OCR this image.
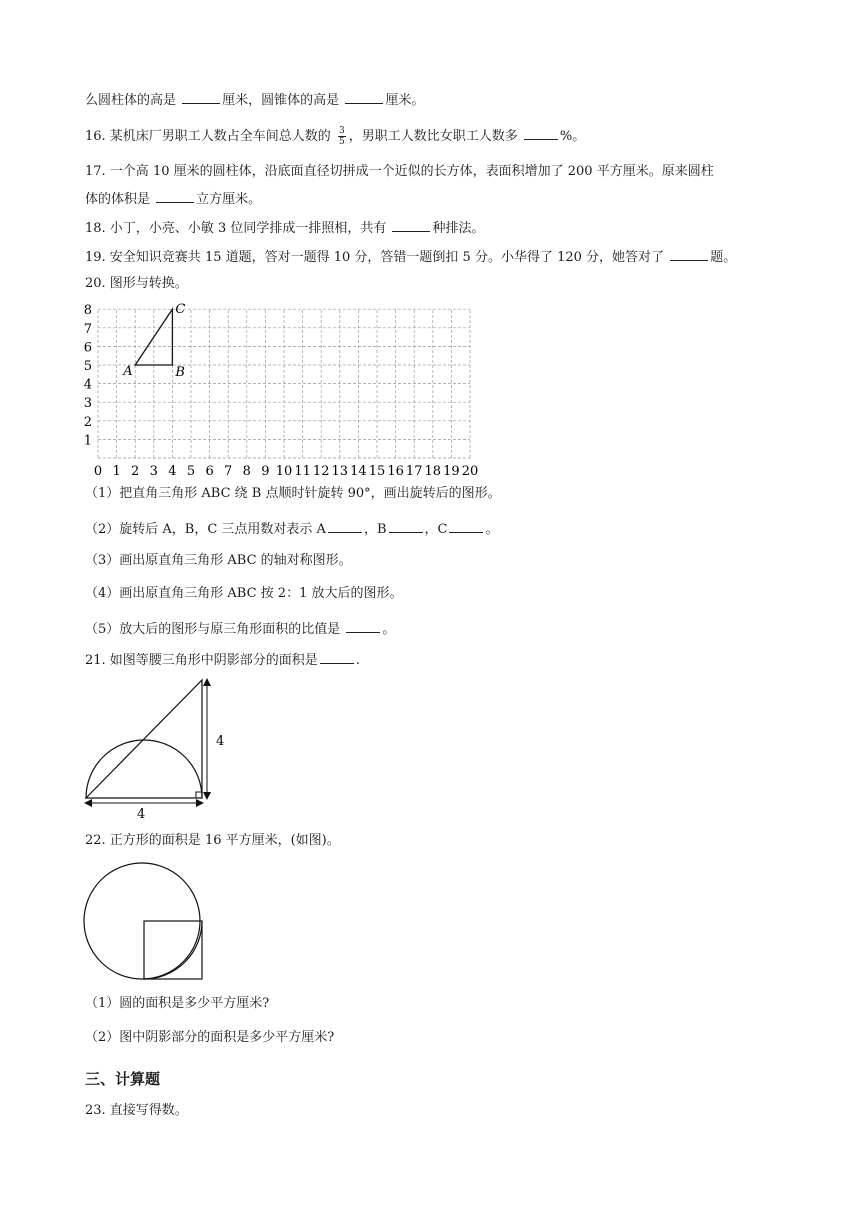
么圆柱体的高是	厘米，圆锥体的高是	厘米。
16. 某机床厂男职工人数占全车间总人数的 $\frac{3}{5}$ ，男职工人数比女职工人数多	%。
17. 一个高 10 厘米的圆柱体，沿底面直径切拼成一个近似的长方体，表面积增加了 200 平方厘米。原来圆柱
体的体积是	立方厘米。
18. 小丁，小亮、小敏 3 位同学排成一排照相，共有	种排法。
19. 安全知识竞赛共 15 道题，答对一题得 10 分，答错一题倒扣 5 分。小华得了 120 分，她答对了	题。
20. 图形与转换。
0 1 2 3 4 5 6 7 8 9 10 11 12 13 14 15 16 17 18 19 20
1
2
3
4
5
6
7
8
A	B
C
（1）把直角三角形 ABC 绕 B 点顺时针旋转 90°，画出旋转后的图形。
（2）旋转后 A，B，C 三点用数对表示 A	，B	，C	。
（3）画出原直角三角形 ABC 的轴对称图形。
（4）画出原直角三角形 ABC 按 2：1 放大后的图形。
（5）放大后的图形与原三角形面积的比值是	。
21. 如图等腰三角形中阴影部分的面积是	.
4
4
22. 正方形的面积是 16 平方厘米，(如图)。
（1）圆的面积是多少平方厘米?
（2）图中阴影部分的面积是多少平方厘米?
三、计算题
23. 直接写得数。
